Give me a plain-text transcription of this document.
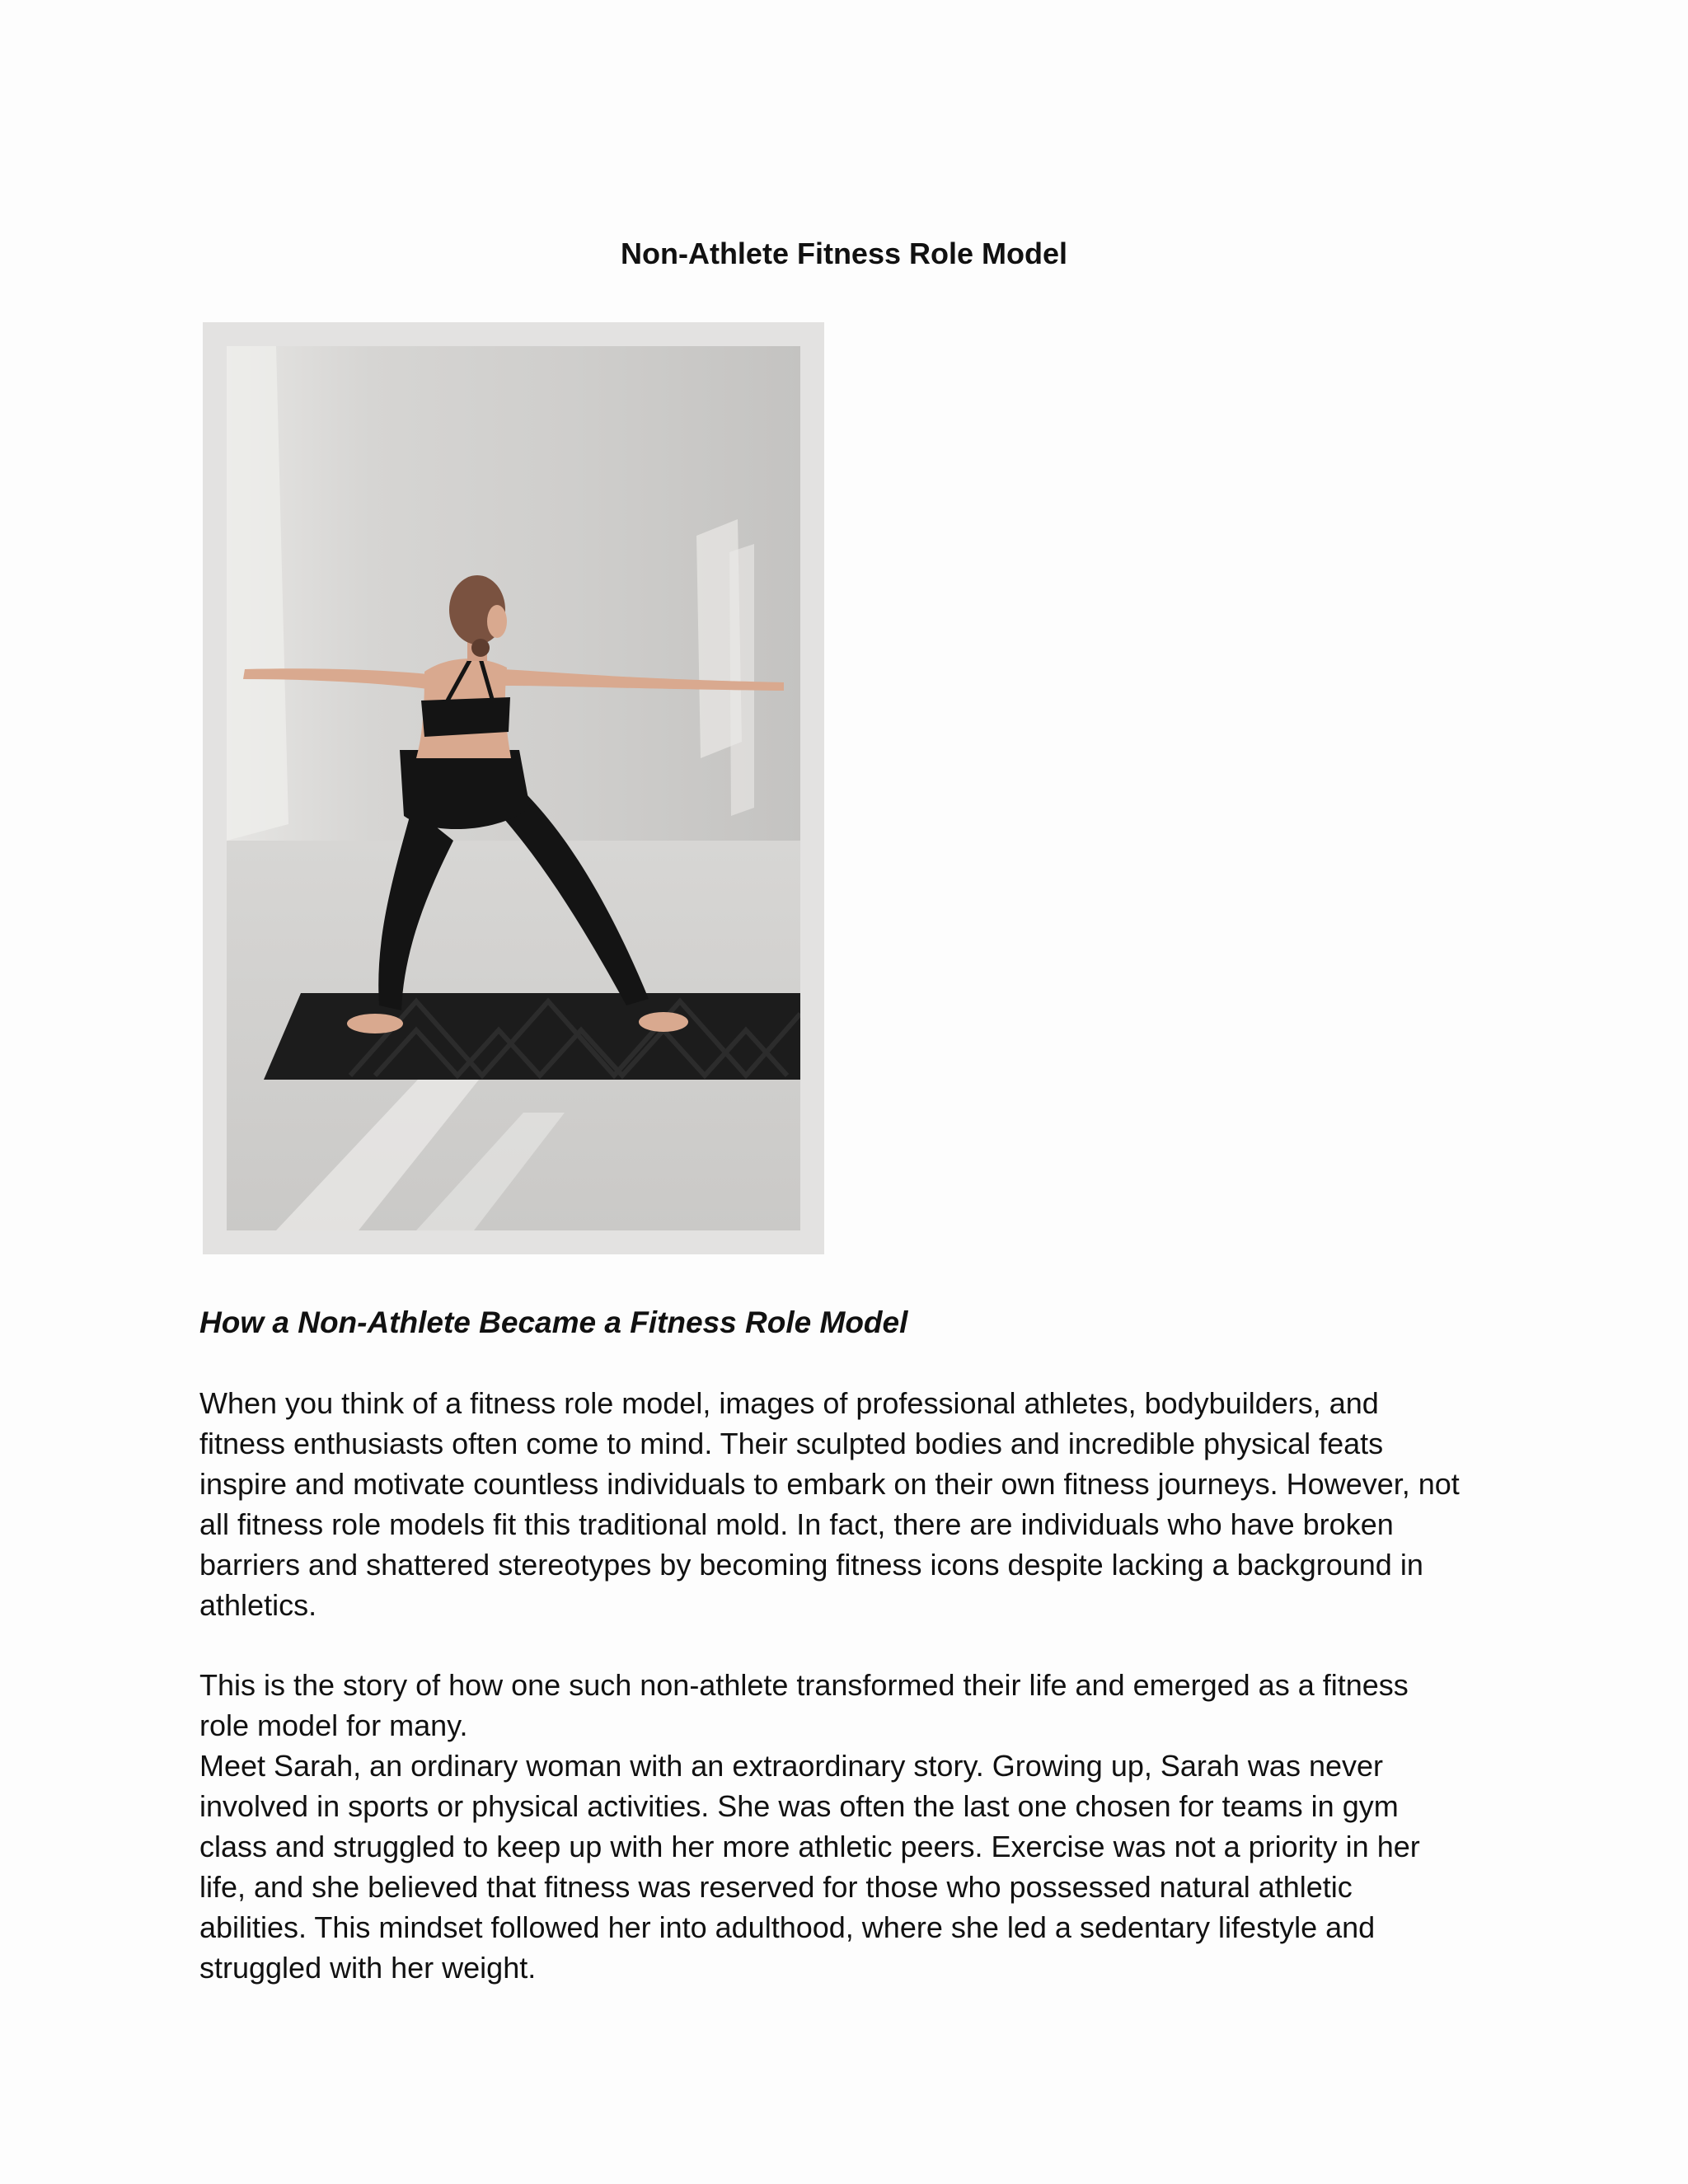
Non-Athlete Fitness Role Model
How a Non-Athlete Became a Fitness Role Model

When you think of a fitness role model, images of professional athletes, bodybuilders, and
fitness enthusiasts often come to mind. Their sculpted bodies and incredible physical feats
inspire and motivate countless individuals to embark on their own fitness journeys. However, not
all fitness role models fit this traditional mold. In fact, there are individuals who have broken
barriers and shattered stereotypes by becoming fitness icons despite lacking a background in
athletics.

This is the story of how one such non-athlete transformed their life and emerged as a fitness
role model for many.
Meet Sarah, an ordinary woman with an extraordinary story. Growing up, Sarah was never
involved in sports or physical activities. She was often the last one chosen for teams in gym
class and struggled to keep up with her more athletic peers. Exercise was not a priority in her
life, and she believed that fitness was reserved for those who possessed natural athletic
abilities. This mindset followed her into adulthood, where she led a sedentary lifestyle and
struggled with her weight.
